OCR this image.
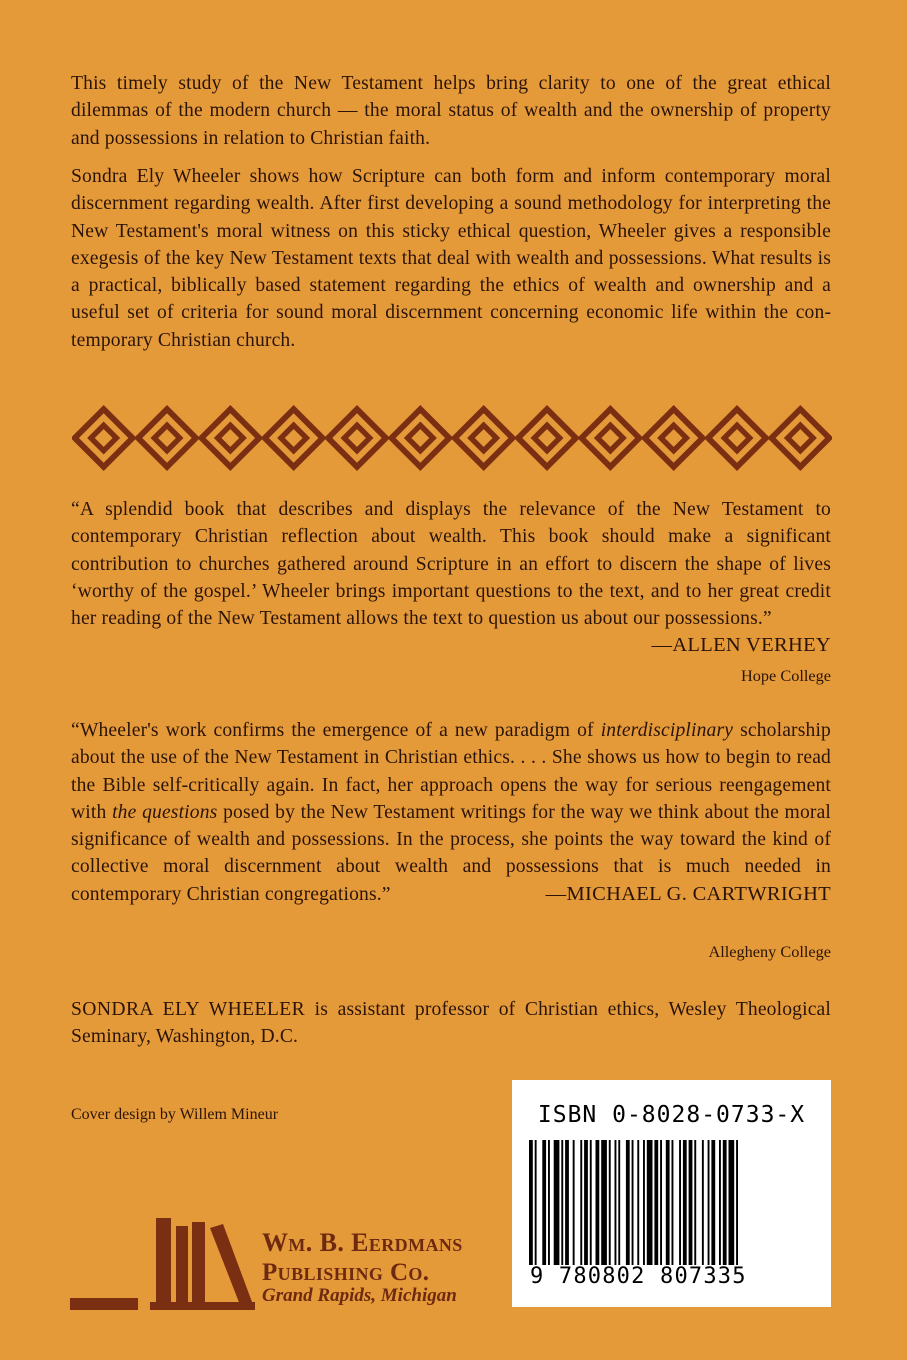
This timely study of the New Testament helps bring clarity to one of the great ethical dilemmas of the modern church — the moral status of wealth and the ownership of property and possessions in relation to Christian faith.

Sondra Ely Wheeler shows how Scripture can both form and inform contemporary moral discernment regarding wealth. After first developing a sound methodology for interpreting the New Testament's moral witness on this sticky ethical question, Wheeler gives a responsible exegesis of the key New Testament texts that deal with wealth and possessions. What results is a practical, biblically based statement regarding the ethics of wealth and ownership and a useful set of criteria for sound moral discernment concerning economic life within the contemporary Christian church.

“A splendid book that describes and displays the relevance of the New Testament to contemporary Christian reflection about wealth. This book should make a significant contribution to churches gathered around Scripture in an effort to discern the shape of lives ‘worthy of the gospel.’ Wheeler brings important questions to the text, and to her great credit her reading of the New Testament allows the text to question us about our possessions.”
—ALLEN VERHEY

Hope College

“Wheeler's work confirms the emergence of a new paradigm of interdisciplinary scholarship about the use of the New Testament in Christian ethics. . . . She shows us how to begin to read the Bible self-critically again. In fact, her approach opens the way for serious reengagement with the questions posed by the New Testament writings for the way we think about the moral significance of wealth and possessions. In the process, she points the way toward the kind of collective moral discernment about wealth and possessions that is much needed in contemporary Christian congregations.”	—MICHAEL G. CARTWRIGHT

Allegheny College

SONDRA ELY WHEELER is assistant professor of Christian ethics, Wesley Theological Seminary, Washington, D.C.

Cover design by Willem Mineur
Wm. B. Eerdmans
Publishing Co.
Grand Rapids, Michigan
ISBN 0-8028-0733-X
9 780802 807335
